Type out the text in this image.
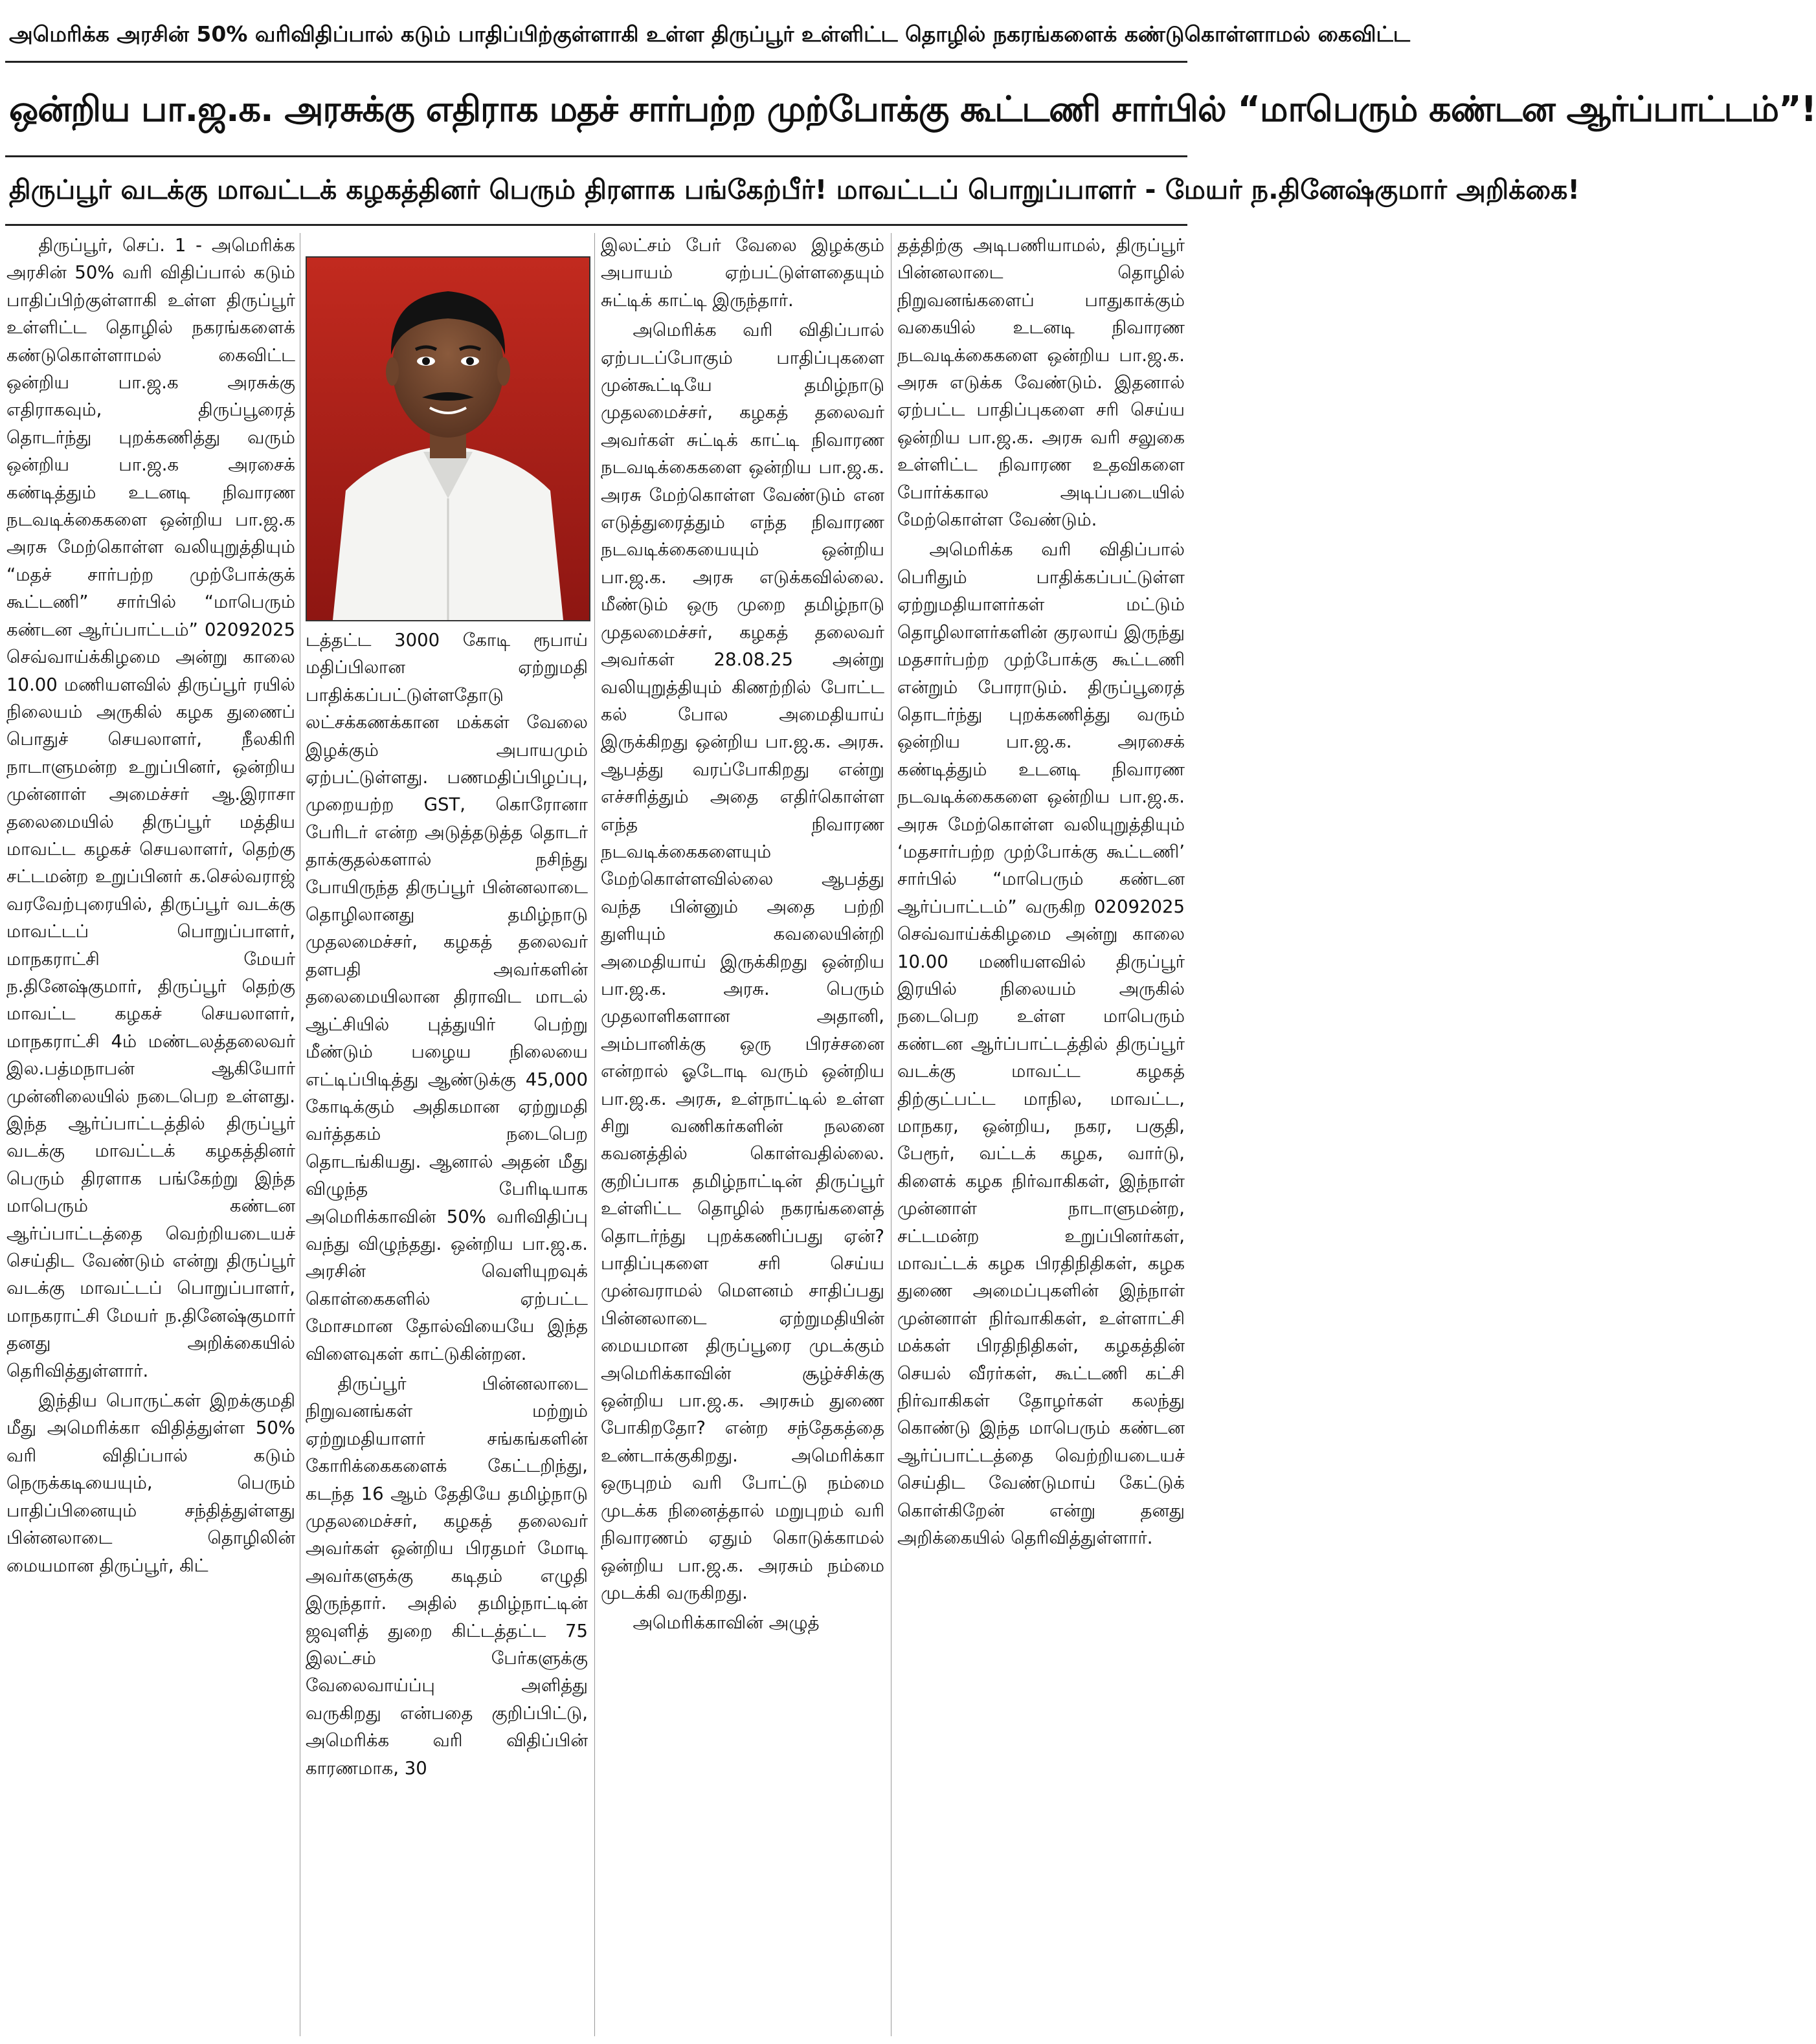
அமெரிக்க அரசின் 50% வரிவிதிப்பால் கடும் பாதிப்பிற்குள்ளாகி உள்ள திருப்பூர் உள்ளிட்ட தொழில் நகரங்களைக் கண்டுகொள்ளாமல் கைவிட்ட
ஒன்றிய பா.ஜ.க. அரசுக்கு எதிராக மதச் சார்பற்ற முற்போக்கு கூட்டணி சார்பில் “மாபெரும் கண்டன ஆர்ப்பாட்டம்”!
திருப்பூர் வடக்கு மாவட்டக் கழகத்தினர் பெரும் திரளாக பங்கேற்பீர்! மாவட்டப் பொறுப்பாளர் - மேயர் ந.தினேஷ்குமார் அறிக்கை!

திருப்பூர், செப். 1 - அமெரிக்க அரசின் 50% வரி விதிப்பால் கடும் பாதிப்பிற்குள்ளாகி உள்ள திருப்பூர் உள்ளிட்ட தொழில் நகரங்களைக் கண்டுகொள்ளாமல் கைவிட்ட ஒன்றிய பா.ஜ.க அரசுக்கு எதிராகவும், திருப்பூரைத் தொடர்ந்து புறக்கணித்து வரும் ஒன்றிய பா.ஜ.க அரசைக் கண்டித்தும் உடனடி நிவாரண நடவடிக்கைகளை ஒன்றிய பா.ஜ.க அரசு மேற்கொள்ள வலியுறுத்தியும் “மதச் சார்பற்ற முற்போக்குக் கூட்டணி” சார்பில் “மாபெரும் கண்டன ஆர்ப்பாட்டம்” 02092025 செவ்வாய்க்கிழமை அன்று காலை 10.00 மணியளவில் திருப்பூர் ரயில் நிலையம் அருகில் கழக துணைப் பொதுச் செயலாளர், நீலகிரி நாடாளுமன்ற உறுப்பினர், ஒன்றிய முன்னாள் அமைச்சர் ஆ.இராசா தலைமையில் திருப்பூர் மத்திய மாவட்ட கழகச் செயலாளர், தெற்கு சட்டமன்ற உறுப்பினர் க.செல்வராஜ் வரவேற்புரையில், திருப்பூர் வடக்கு மாவட்டப் பொறுப்பாளர், மாநகராட்சி மேயர் ந.தினேஷ்குமார், திருப்பூர் தெற்கு மாவட்ட கழகச் செயலாளர், மாநகராட்சி 4ம் மண்டலத்தலைவர் இல.பத்மநாபன் ஆகியோர் முன்னிலையில் நடைபெற உள்ளது. இந்த ஆர்ப்பாட்டத்தில் திருப்பூர் வடக்கு மாவட்டக் கழகத்தினர் பெரும் திரளாக பங்கேற்று இந்த மாபெரும் கண்டன ஆர்ப்பாட்டத்தை வெற்றியடையச் செய்திட வேண்டும் என்று திருப்பூர் வடக்கு மாவட்டப் பொறுப்பாளர், மாநகராட்சி மேயர் ந.தினேஷ்குமார் தனது அறிக்கையில் தெரிவித்துள்ளார்.

இந்திய பொருட்கள் இறக்குமதி மீது அமெரிக்கா விதித்துள்ள 50% வரி விதிப்பால் கடும் நெருக்கடியையும், பெரும் பாதிப்பினையும் சந்தித்துள்ளது பின்னலாடை தொழிலின் மையமான திருப்பூர், கிட்

டத்தட்ட 3000 கோடி ரூபாய் மதிப்பிலான ஏற்றுமதி பாதிக்கப்பட்டுள்ளதோடு லட்சக்கணக்கான மக்கள் வேலை இழக்கும் அபாயமும் ஏற்பட்டுள்ளது. பணமதிப்பிழப்பு, முறையற்ற GST, கொரோனா பேரிடர் என்ற அடுத்தடுத்த தொடர் தாக்குதல்களால் நசிந்து போயிருந்த திருப்பூர் பின்னலாடை தொழிலானது தமிழ்நாடு முதலமைச்சர், கழகத் தலைவர் தளபதி அவர்களின் தலைமையிலான திராவிட மாடல் ஆட்சியில் புத்துயிர் பெற்று மீண்டும் பழைய நிலையை எட்டிப்பிடித்து ஆண்டுக்கு 45,000 கோடிக்கும் அதிகமான ஏற்றுமதி வர்த்தகம் நடைபெற தொடங்கியது. ஆனால் அதன் மீது விழுந்த பேரிடியாக அமெரிக்காவின் 50% வரிவிதிப்பு வந்து விழுந்தது. ஒன்றிய பா.ஜ.க. அரசின் வெளியுறவுக் கொள்கைகளில் ஏற்பட்ட மோசமான தோல்வியையே இந்த விளைவுகள் காட்டுகின்றன.

திருப்பூர் பின்னலாடை நிறுவனங்கள் மற்றும் ஏற்றுமதியாளர் சங்கங்களின் கோரிக்கைகளைக் கேட்டறிந்து, கடந்த 16 ஆம் தேதியே தமிழ்நாடு முதலமைச்சர், கழகத் தலைவர் அவர்கள் ஒன்றிய பிரதமர் மோடி அவர்களுக்கு கடிதம் எழுதி இருந்தார். அதில் தமிழ்நாட்டின் ஜவுளித் துறை கிட்டத்தட்ட 75 இலட்சம் பேர்களுக்கு வேலைவாய்ப்பு அளித்து வருகிறது என்பதை குறிப்பிட்டு, அமெரிக்க வரி விதிப்பின் காரணமாக, 30

இலட்சம் பேர் வேலை இழக்கும் அபாயம் ஏற்பட்டுள்ளதையும் சுட்டிக் காட்டி இருந்தார்.

அமெரிக்க வரி விதிப்பால் ஏற்படப்போகும் பாதிப்புகளை முன்கூட்டியே தமிழ்நாடு முதலமைச்சர், கழகத் தலைவர் அவர்கள் சுட்டிக் காட்டி நிவாரண நடவடிக்கைகளை ஒன்றிய பா.ஜ.க. அரசு மேற்கொள்ள வேண்டும் என எடுத்துரைத்தும் எந்த நிவாரண நடவடிக்கையையும் ஒன்றிய பா.ஜ.க. அரசு எடுக்கவில்லை. மீண்டும் ஒரு முறை தமிழ்நாடு முதலமைச்சர், கழகத் தலைவர் அவர்கள் 28.08.25 அன்று வலியுறுத்தியும் கிணற்றில் போட்ட கல் போல அமைதியாய் இருக்கிறது ஒன்றிய பா.ஜ.க. அரசு. ஆபத்து வரப்போகிறது என்று எச்சரித்தும் அதை எதிர்கொள்ள எந்த நிவாரண நடவடிக்கைகளையும் மேற்கொள்ளவில்லை ஆபத்து வந்த பின்னும் அதை பற்றி துளியும் கவலையின்றி அமைதியாய் இருக்கிறது ஒன்றிய பா.ஜ.க. அரசு. பெரும் முதலாளிகளான அதானி, அம்பானிக்கு ஒரு பிரச்சனை என்றால் ஓடோடி வரும் ஒன்றிய பா.ஜ.க. அரசு, உள்நாட்டில் உள்ள சிறு வணிகர்களின் நலனை கவனத்தில் கொள்வதில்லை. குறிப்பாக தமிழ்நாட்டின் திருப்பூர் உள்ளிட்ட தொழில் நகரங்களைத் தொடர்ந்து புறக்கணிப்பது ஏன்? பாதிப்புகளை சரி செய்ய முன்வராமல் மௌனம் சாதிப்பது பின்னலாடை ஏற்றுமதியின் மையமான திருப்பூரை முடக்கும் அமெரிக்காவின் சூழ்ச்சிக்கு ஒன்றிய பா.ஜ.க. அரசும் துணை போகிறதோ? என்ற சந்தேகத்தை உண்டாக்குகிறது. அமெரிக்கா ஒருபுறம் வரி போட்டு நம்மை முடக்க நினைத்தால் மறுபுறம் வரி நிவாரணம் ஏதும் கொடுக்காமல் ஒன்றிய பா.ஜ.க. அரசும் நம்மை முடக்கி வருகிறது.

அமெரிக்காவின் அழுத்

தத்திற்கு அடிபணியாமல், திருப்பூர் பின்னலாடை தொழில் நிறுவனங்களைப் பாதுகாக்கும் வகையில் உடனடி நிவாரண நடவடிக்கைகளை ஒன்றிய பா.ஜ.க. அரசு எடுக்க வேண்டும். இதனால் ஏற்பட்ட பாதிப்புகளை சரி செய்ய ஒன்றிய பா.ஜ.க. அரசு வரி சலுகை உள்ளிட்ட நிவாரண உதவிகளை போர்க்கால அடிப்படையில் மேற்கொள்ள வேண்டும்.

அமெரிக்க வரி விதிப்பால் பெரிதும் பாதிக்கப்பட்டுள்ள ஏற்றுமதியாளர்கள் மட்டும் தொழிலாளர்களின் குரலாய் இருந்து மதசார்பற்ற முற்போக்கு கூட்டணி என்றும் போராடும். திருப்பூரைத் தொடர்ந்து புறக்கணித்து வரும் ஒன்றிய பா.ஜ.க. அரசைக் கண்டித்தும் உடனடி நிவாரண நடவடிக்கைகளை ஒன்றிய பா.ஜ.க. அரசு மேற்கொள்ள வலியுறுத்தியும் ‘மதசார்பற்ற முற்போக்கு கூட்டணி’ சார்பில் “மாபெரும் கண்டன ஆர்ப்பாட்டம்” வருகிற 02092025 செவ்வாய்க்கிழமை அன்று காலை 10.00 மணியளவில் திருப்பூர் இரயில் நிலையம் அருகில் நடைபெற உள்ள மாபெரும் கண்டன ஆர்ப்பாட்டத்தில் திருப்பூர் வடக்கு மாவட்ட கழகத் திற்குட்பட்ட மாநில, மாவட்ட, மாநகர, ஒன்றிய, நகர, பகுதி, பேரூர், வட்டக் கழக, வார்டு, கிளைக் கழக நிர்வாகிகள், இந்நாள் முன்னாள் நாடாளுமன்ற, சட்டமன்ற உறுப்பினர்கள், மாவட்டக் கழக பிரதிநிதிகள், கழக துணை அமைப்புகளின் இந்நாள் முன்னாள் நிர்வாகிகள், உள்ளாட்சி மக்கள் பிரதிநிதிகள், கழகத்தின் செயல் வீரர்கள், கூட்டணி கட்சி நிர்வாகிகள் தோழர்கள் கலந்து கொண்டு இந்த மாபெரும் கண்டன ஆர்ப்பாட்டத்தை வெற்றியடையச் செய்திட வேண்டுமாய் கேட்டுக் கொள்கிறேன் என்று தனது அறிக்கையில் தெரிவித்துள்ளார்.
